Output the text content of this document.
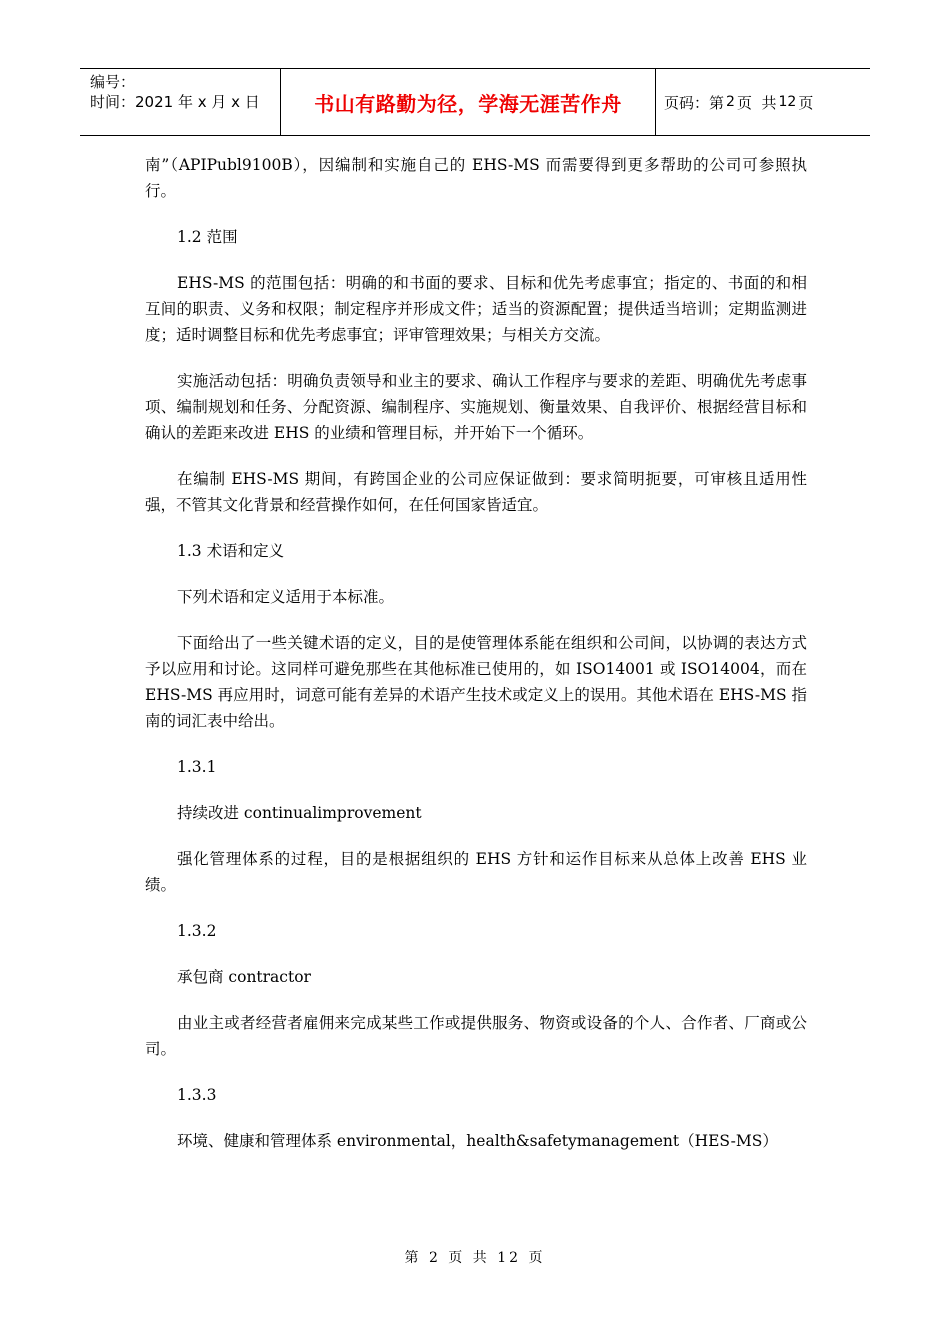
编号：
时间：2021 年 x 月 x 日	书山有路勤为径，学海无涯苦作舟	页码：第 2 页  共 12 页

南”（APIPubl9100B），因编制和实施自己的 EHS-MS 而需要得到更多帮助的公司可参照执行。

1.2 范围

EHS-MS 的范围包括：明确的和书面的要求、目标和优先考虑事宜；指定的、书面的和相互间的职责、义务和权限；制定程序并形成文件；适当的资源配置；提供适当培训；定期监测进度；适时调整目标和优先考虑事宜；评审管理效果；与相关方交流。

实施活动包括：明确负责领导和业主的要求、确认工作程序与要求的差距、明确优先考虑事项、编制规划和任务、分配资源、编制程序、实施规划、衡量效果、自我评价、根据经营目标和确认的差距来改进 EHS 的业绩和管理目标，并开始下一个循环。

在编制 EHS-MS 期间，有跨国企业的公司应保证做到：要求简明扼要，可审核且适用性强，不管其文化背景和经营操作如何，在任何国家皆适宜。

1.3 术语和定义

下列术语和定义适用于本标准。

下面给出了一些关键术语的定义，目的是使管理体系能在组织和公司间，以协调的表达方式予以应用和讨论。这同样可避免那些在其他标准已使用的，如 ISO14001 或 ISO14004，而在 EHS-MS 再应用时，词意可能有差异的术语产生技术或定义上的误用。其他术语在 EHS-MS 指南的词汇表中给出。

1.3.1

持续改进 continualimprovement

强化管理体系的过程，目的是根据组织的 EHS 方针和运作目标来从总体上改善 EHS 业绩。

1.3.2

承包商 contractor

由业主或者经营者雇佣来完成某些工作或提供服务、物资或设备的个人、合作者、厂商或公司。

1.3.3

环境、健康和管理体系 environmental，health&safetymanagement（HES-MS）

第 2 页 共 12 页
